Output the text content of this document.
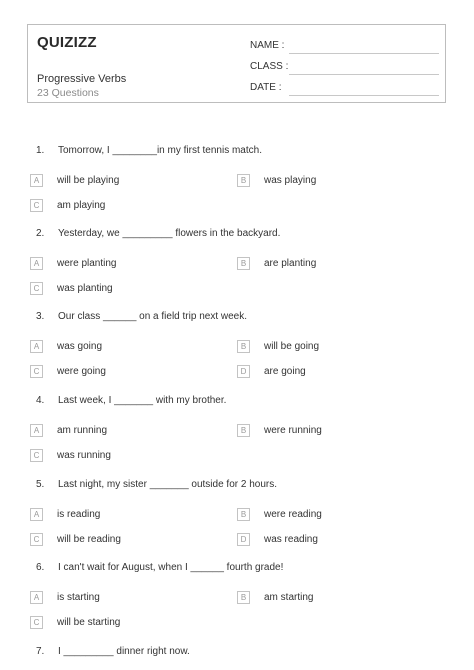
QUIZIZZ
Progressive Verbs
23 Questions
NAME :
CLASS :
DATE :
1. Tomorrow, I ________in my first tennis match.
A	will be playing	B	was playing
C	am playing
2. Yesterday, we _________ flowers in the backyard.
A	were planting	B	are planting
C	was planting
3. Our class ______ on a field trip next week.
A	was going	B	will be going
C	were going	D	are going
4. Last week, I _______ with my brother.
A	am running	B	were running
C	was running
5. Last night, my sister _______ outside for 2 hours.
A	is reading	B	were reading
C	will be reading	D	was reading
6. I can't wait for August, when I ______ fourth grade!
A	is starting	B	am starting
C	will be starting
7. I _________ dinner right now.
